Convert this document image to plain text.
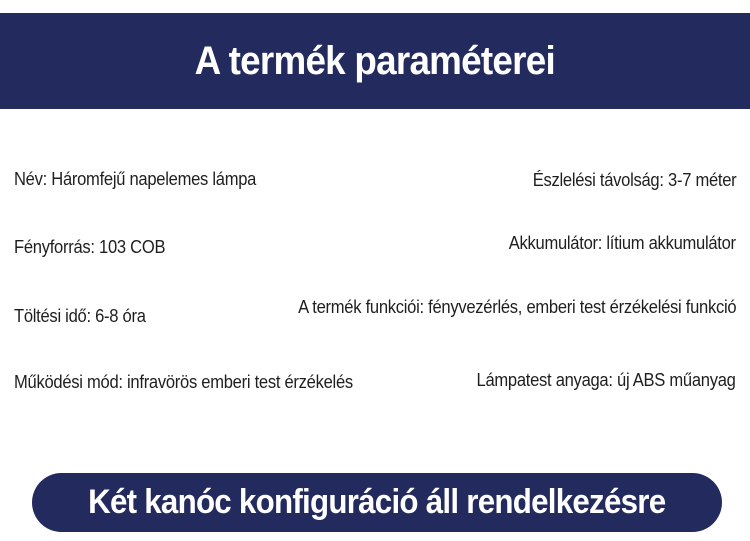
A termék paraméterei
Név: Háromfejű napelemes lámpa
Fényforrás: 103 COB
Töltési idő: 6-8 óra
Működési mód: infravörös emberi test érzékelés
Észlelési távolság: 3-7 méter
Akkumulátor: lítium akkumulátor
A termék funkciói: fényvezérlés, emberi test érzékelési funkció
Lámpatest anyaga: új ABS műanyag
Két kanóc konfiguráció áll rendelkezésre
